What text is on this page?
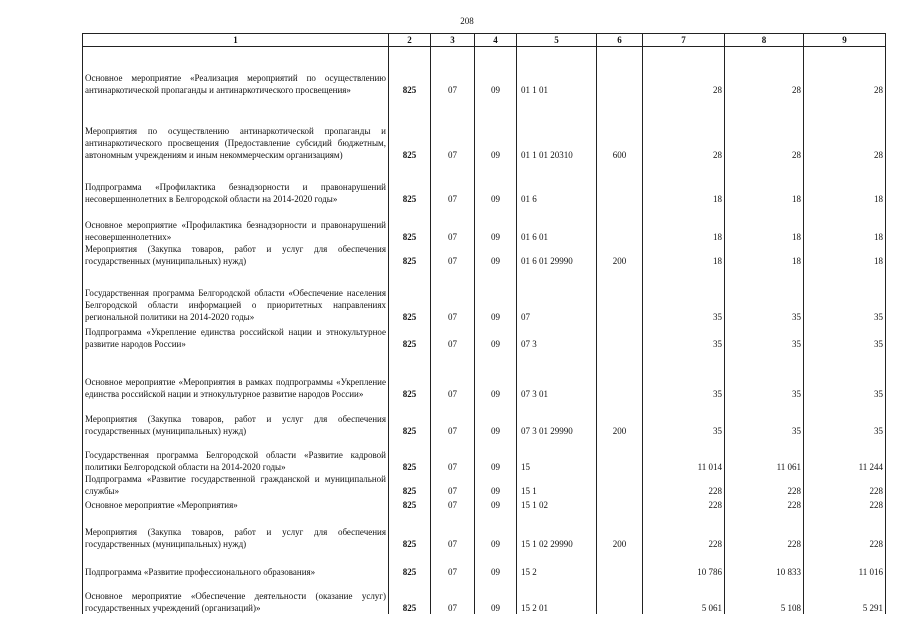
208
1	2	3	4	5	6	7	8	9
Основное мероприятие «Реализация мероприятий по осуществлению антинаркотической пропаганды и антинаркотического просвещения»	825	07	09	01 1 01		28	28	28
Мероприятия по осуществлению антинаркотической пропаганды и антинаркотического просвещения (Предоставление субсидий бюджетным, автономным учреждениям и иным некоммерческим организациям)	825	07	09	01 1 01 20310	600	28	28	28
Подпрограмма «Профилактика безнадзорности и правонарушений несовершеннолетних в Белгородской области на 2014-2020 годы»	825	07	09	01 6		18	18	18
Основное мероприятие «Профилактика безнадзорности и правонарушений несовершеннолетних»	825	07	09	01 6 01		18	18	18
Мероприятия (Закупка товаров, работ и услуг для обеспечения государственных (муниципальных) нужд)	825	07	09	01 6 01 29990	200	18	18	18
Государственная программа Белгородской области «Обеспечение населения Белгородской области информацией о приоритетных направлениях региональной политики на 2014-2020 годы»	825	07	09	07		35	35	35
Подпрограмма «Укрепление единства российской нации и этнокультурное развитие народов России»	825	07	09	07 3		35	35	35
Основное мероприятие «Мероприятия в рамках подпрограммы «Укрепление единства российской нации и этнокультурное развитие народов России»	825	07	09	07 3 01		35	35	35
Мероприятия (Закупка товаров, работ и услуг для обеспечения государственных (муниципальных) нужд)	825	07	09	07 3 01 29990	200	35	35	35
Государственная программа Белгородской области «Развитие кадровой политики Белгородской области на 2014-2020 годы»	825	07	09	15		11 014	11 061	11 244
Подпрограмма «Развитие государственной гражданской и муниципальной службы»	825	07	09	15 1		228	228	228
Основное мероприятие «Мероприятия»	825	07	09	15 1 02		228	228	228
Мероприятия (Закупка товаров, работ и услуг для обеспечения государственных (муниципальных) нужд)	825	07	09	15 1 02 29990	200	228	228	228
Подпрограмма «Развитие профессионального образования»	825	07	09	15 2		10 786	10 833	11 016
Основное мероприятие «Обеспечение деятельности (оказание услуг) государственных учреждений (организаций)»	825	07	09	15 2 01		5 061	5 108	5 291
